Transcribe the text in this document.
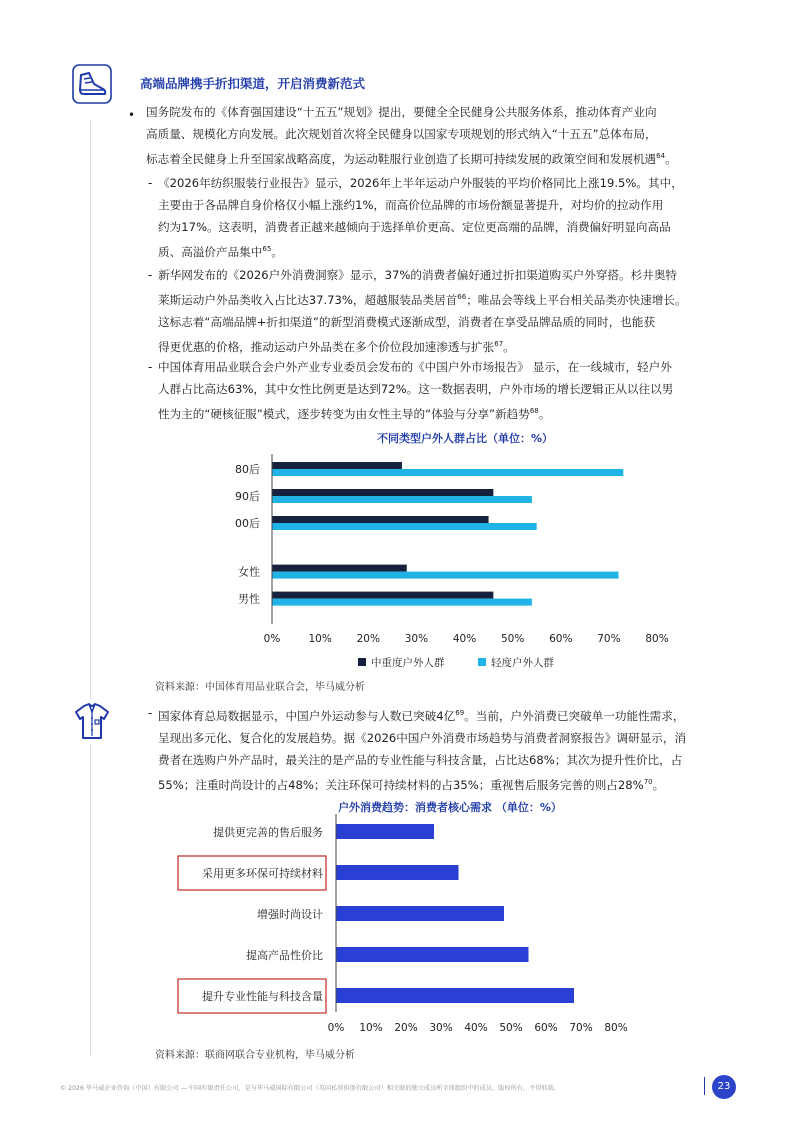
高端品牌携手折扣渠道，开启消费新范式
• 国务院发布的《体育强国建设“十五五”规划》提出，要健全全民健身公共服务体系，推动体育产业向
高质量、规模化方向发展。此次规划首次将全民健身以国家专项规划的形式纳入“十五五”总体布局，
标志着全民健身上升至国家战略高度，为运动鞋服行业创造了长期可持续发展的政策空间和发展机遇$^{64}$。
- 《2026年纺织服装行业报告》显示，2026年上半年运动户外服装的平均价格同比上涨19.5%。其中，
主要由于各品牌自身价格仅小幅上涨约1%，而高价位品牌的市场份额显著提升，对均价的拉动作用
约为17%。这表明，消费者正越来越倾向于选择单价更高、定位更高端的品牌，消费偏好明显向高品
质、高溢价产品集中$^{65}$。
- 新华网发布的《2026户外消费洞察》显示，37%的消费者偏好通过折扣渠道购买户外穿搭。杉井奥特
莱斯运动户外品类收入占比达37.73%，超越服装品类居首$^{66}$；唯品会等线上平台相关品类亦快速增长。
这标志着“高端品牌+折扣渠道”的新型消费模式逐渐成型，消费者在享受品牌品质的同时，也能获
得更优惠的价格，推动运动户外品类在多个价位段加速渗透与扩张$^{67}$。
- 中国体育用品业联合会户外产业专业委员会发布的《中国户外市场报告》 显示，在一线城市，轻户外
人群占比高达63%，其中女性比例更是达到72%。这一数据表明，户外市场的增长逻辑正从以往以男
性为主的“硬核征服”模式，逐步转变为由女性主导的“体验与分享”新趋势$^{68}$。
不同类型户外人群占比（单位：%）
80后
90后
00后
女性
男性
0%	10% 20% 30% 40% 50% 60% 70% 80%
中重度户外人群	轻度户外人群
资料来源：中国体育用品业联合会，毕马威分析
- 国家体育总局数据显示，中国户外运动参与人数已突破4亿$^{69}$。当前，户外消费已突破单一功能性需求，
呈现出多元化、复合化的发展趋势。据《2026中国户外消费市场趋势与消费者洞察报告》调研显示，消
费者在选购户外产品时，最关注的是产品的专业性能与科技含量，占比达68%；其次为提升性价比，占
55%；注重时尚设计的占48%；关注环保可持续材料的占35%；重视售后服务完善的则占28%$^{70}$。
户外消费趋势：消费者核心需求 （单位：%）
提供更完善的售后服务
采用更多环保可持续材料
增强时尚设计
提高产品性价比
提升专业性能与科技含量
0% 10% 20% 30% 40% 50% 60% 70% 80%
资料来源：联商网联合专业机构，毕马威分析
© 2026 毕马威企业咨询（中国）有限公司 — 中国有限责任公司，是与毕马威国际有限公司（英国私营担保有限公司）相关联的独立成员所全球组织中的成员。版权所有，不得转载。	23
